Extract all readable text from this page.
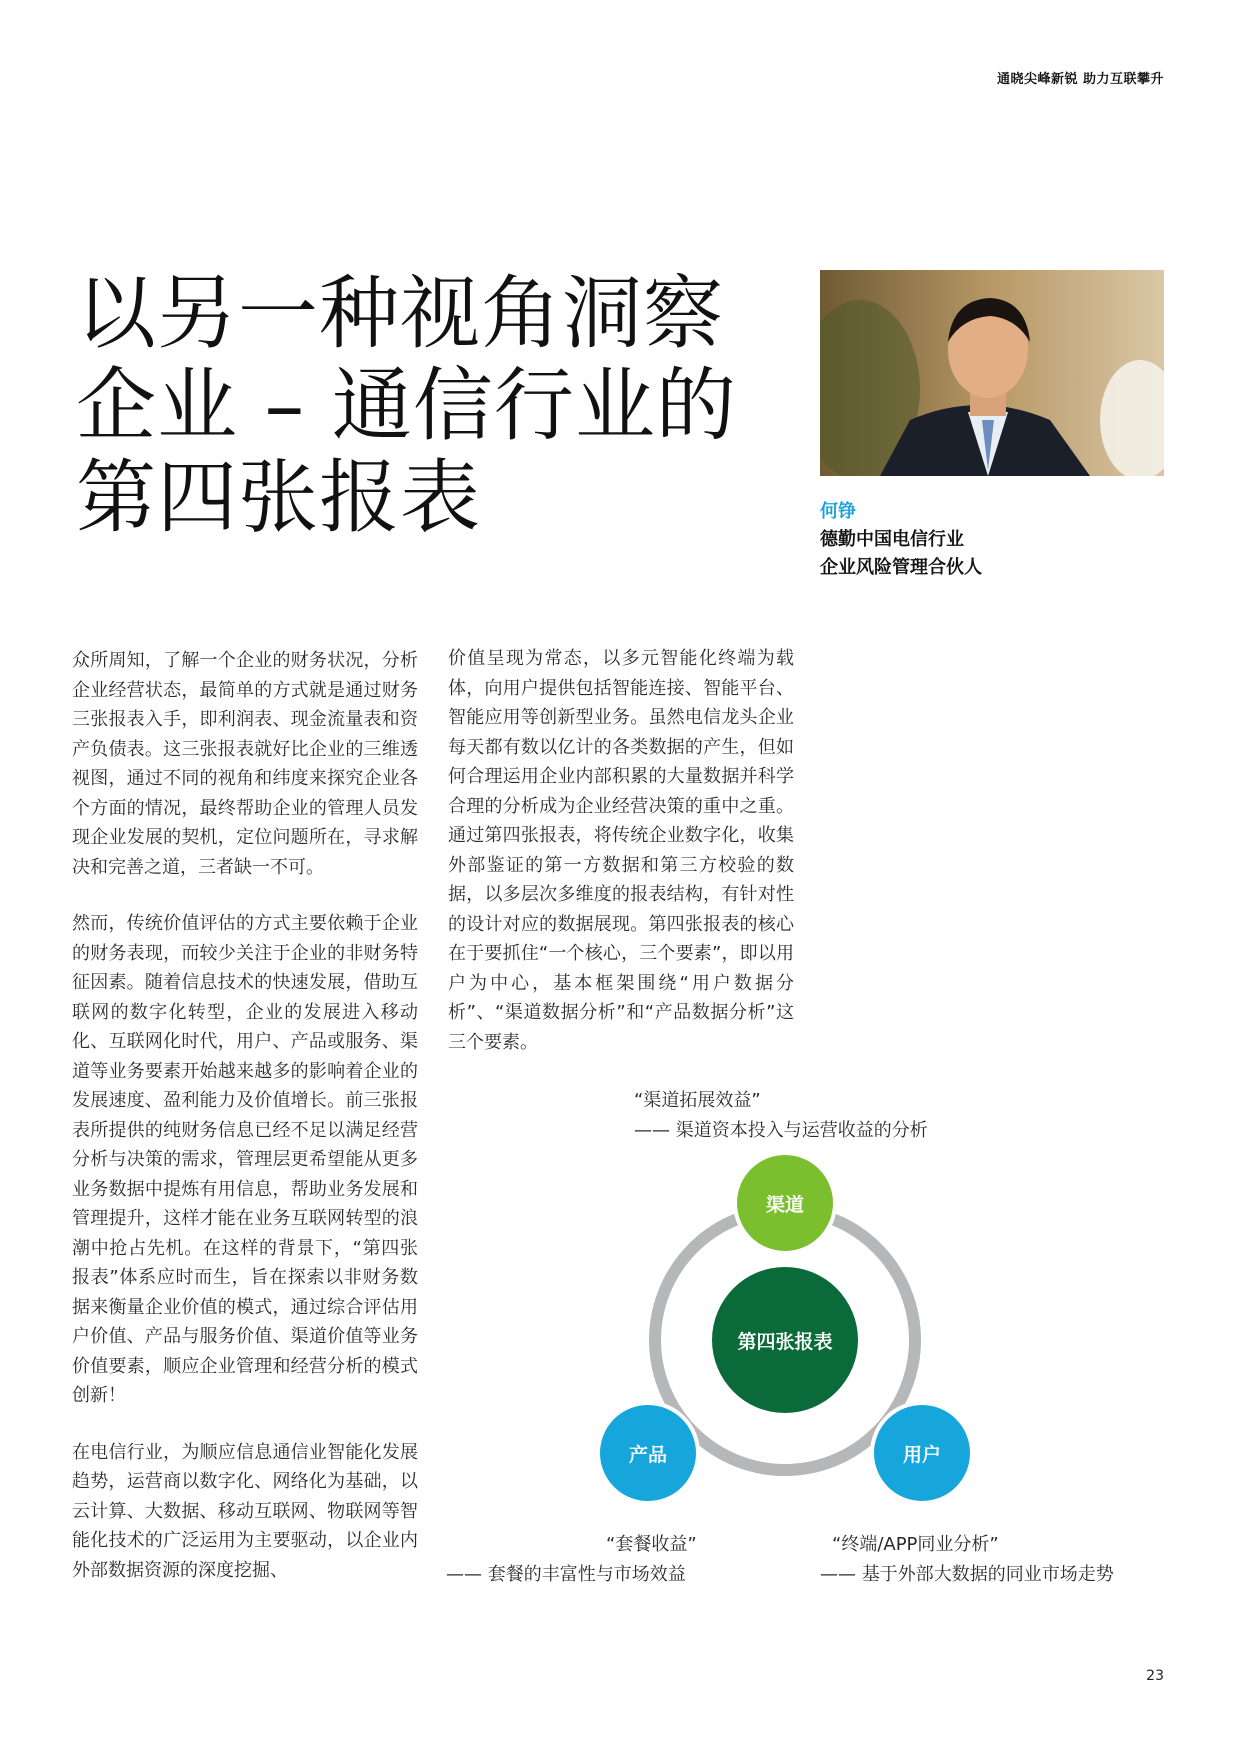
通晓尖峰新锐 助力互联攀升
以另一种视角洞察
企业 – 通信行业的
第四张报表	何铮
德勤中国电信行业
企业风险管理合伙人

众所周知，了解一个企业的财务状况，分析企业经营状态，最简单的方式就是通过财务三张报表入手，即利润表、现金流量表和资产负债表。这三张报表就好比企业的三维透视图，通过不同的视角和纬度来探究企业各个方面的情况，最终帮助企业的管理人员发现企业发展的契机，定位问题所在，寻求解决和完善之道，三者缺一不可。

然而，传统价值评估的方式主要依赖于企业的财务表现，而较少关注于企业的非财务特征因素。随着信息技术的快速发展，借助互联网的数字化转型，企业的发展进入移动化、互联网化时代，用户、产品或服务、渠道等业务要素开始越来越多的影响着企业的发展速度、盈利能力及价值增长。前三张报表所提供的纯财务信息已经不足以满足经营分析与决策的需求，管理层更希望能从更多业务数据中提炼有用信息，帮助业务发展和管理提升，这样才能在业务互联网转型的浪潮中抢占先机。在这样的背景下，“第四张报表”体系应时而生，旨在探索以非财务数据来衡量企业价值的模式，通过综合评估用户价值、产品与服务价值、渠道价值等业务价值要素，顺应企业管理和经营分析的模式创新！

在电信行业，为顺应信息通信业智能化发展趋势，运营商以数字化、网络化为基础，以云计算、大数据、移动互联网、物联网等智能化技术的广泛运用为主要驱动，以企业内外部数据资源的深度挖掘、

价值呈现为常态，以多元智能化终端为载体，向用户提供包括智能连接、智能平台、智能应用等创新型业务。虽然电信龙头企业每天都有数以亿计的各类数据的产生，但如何合理运用企业内部积累的大量数据并科学合理的分析成为企业经营决策的重中之重。通过第四张报表，将传统企业数字化，收集外部鉴证的第一方数据和第三方校验的数据，以多层次多维度的报表结构，有针对性的设计对应的数据展现。第四张报表的核心在于要抓住“一个核心，三个要素”，即以用户为中心，基本框架围绕“用户数据分析”、“渠道数据分析”和“产品数据分析”这三个要素。

第四张报表
渠道
产品	用户
“渠道拓展效益”
—— 渠道资本投入与运营收益的分析
“套餐收益”
—— 套餐的丰富性与市场效益
“终端/APP同业分析”
—— 基于外部大数据的同业市场走势
23
